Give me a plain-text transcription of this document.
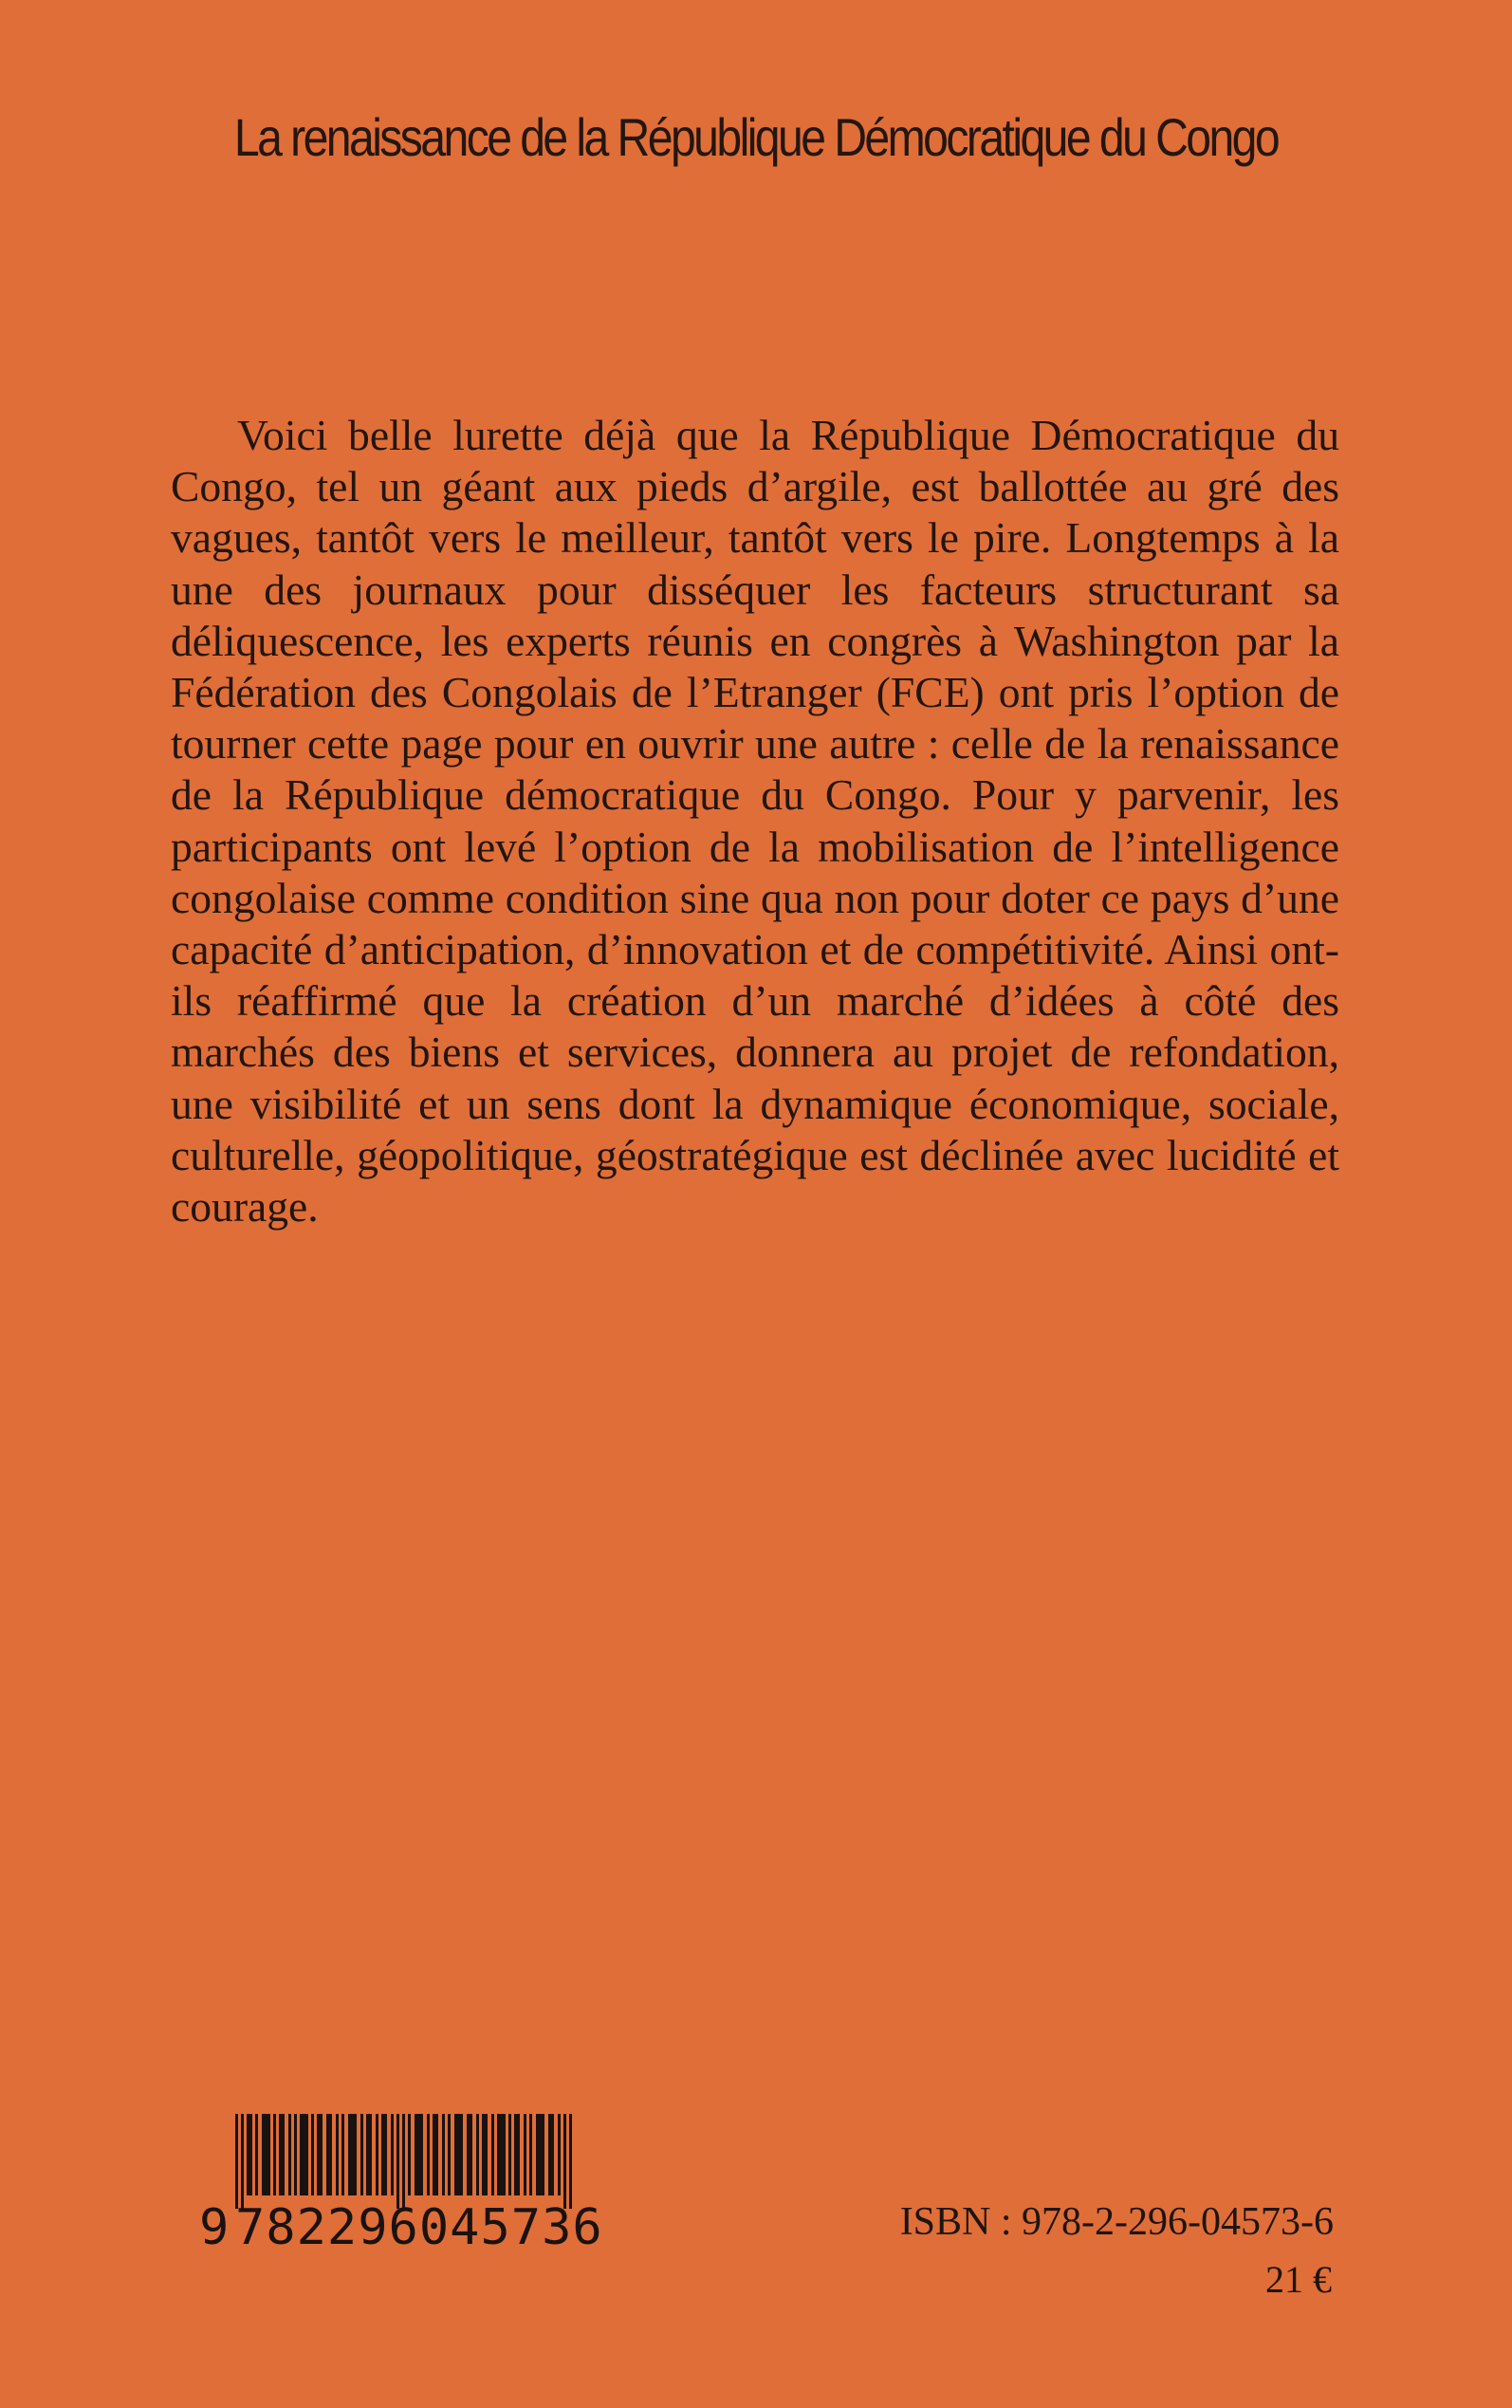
La renaissance de la République Démocratique du Congo

Voici belle lurette déjà que la République Démocratique du Congo, tel un géant aux pieds d’argile, est ballottée au gré des vagues, tantôt vers le meilleur, tantôt vers le pire. Longtemps à la une des journaux pour disséquer les facteurs structurant sa déliquescence, les experts réunis en congrès à Washington par la Fédération des Congolais de l’Etranger (FCE) ont pris l’option de tourner cette page pour en ouvrir une autre : celle de la renaissance de la République démocratique du Congo. Pour y parvenir, les participants ont levé l’option de la mobilisation de l’intelligence congolaise comme condition sine qua non pour doter ce pays d’une capacité d’anticipation, d’innovation et de compétitivité. Ainsi ont-ils réaffirmé que la création d’un marché d’idées à côté des marchés des biens et services, donnera au projet de refondation, une visibilité et un sens dont la dynamique économique, sociale, culturelle, géopolitique, géostratégique est déclinée avec lucidité et courage.

9 782296045736	ISBN : 978-2-296-04573-6
21 €
